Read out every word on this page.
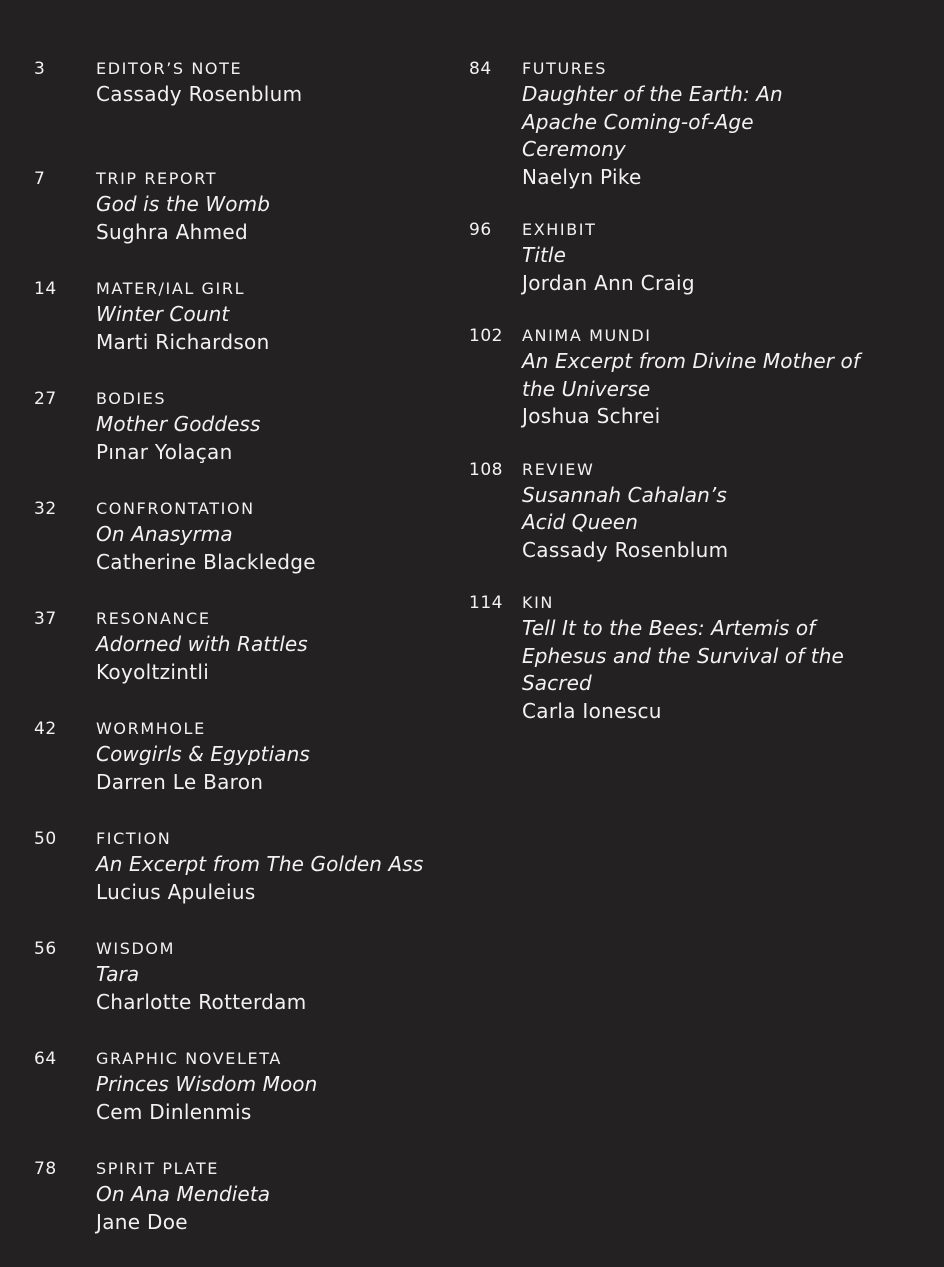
3	EDITOR’S NOTE
Cassady Rosenblum
7	TRIP REPORT
God is the Womb
Sughra Ahmed
14	MATER/IAL GIRL
Winter Count
Marti Richardson
27	BODIES
Mother Goddess
Pınar Yolaçan
32	CONFRONTATION
On Anasyrma
Catherine Blackledge
37	RESONANCE
Adorned with Rattles
Koyoltzintli
42	WORMHOLE
Cowgirls & Egyptians
Darren Le Baron
50	FICTION
An Excerpt from The Golden Ass
Lucius Apuleius
56	WISDOM
Tara
Charlotte Rotterdam
64	GRAPHIC NOVELETA
Princes Wisdom Moon
Cem Dinlenmis
78	SPIRIT PLATE
On Ana Mendieta
Jane Doe
84	FUTURES
Daughter of the Earth: An Apache Coming-of-Age Ceremony
Naelyn Pike
96	EXHIBIT
Title
Jordan Ann Craig
102	ANIMA MUNDI
An Excerpt from Divine Mother of the Universe
Joshua Schrei
108	REVIEW
Susannah Cahalan’s Acid Queen
Cassady Rosenblum
114	KIN
Tell It to the Bees: Artemis of Ephesus and the Survival of the Sacred
Carla Ionescu
